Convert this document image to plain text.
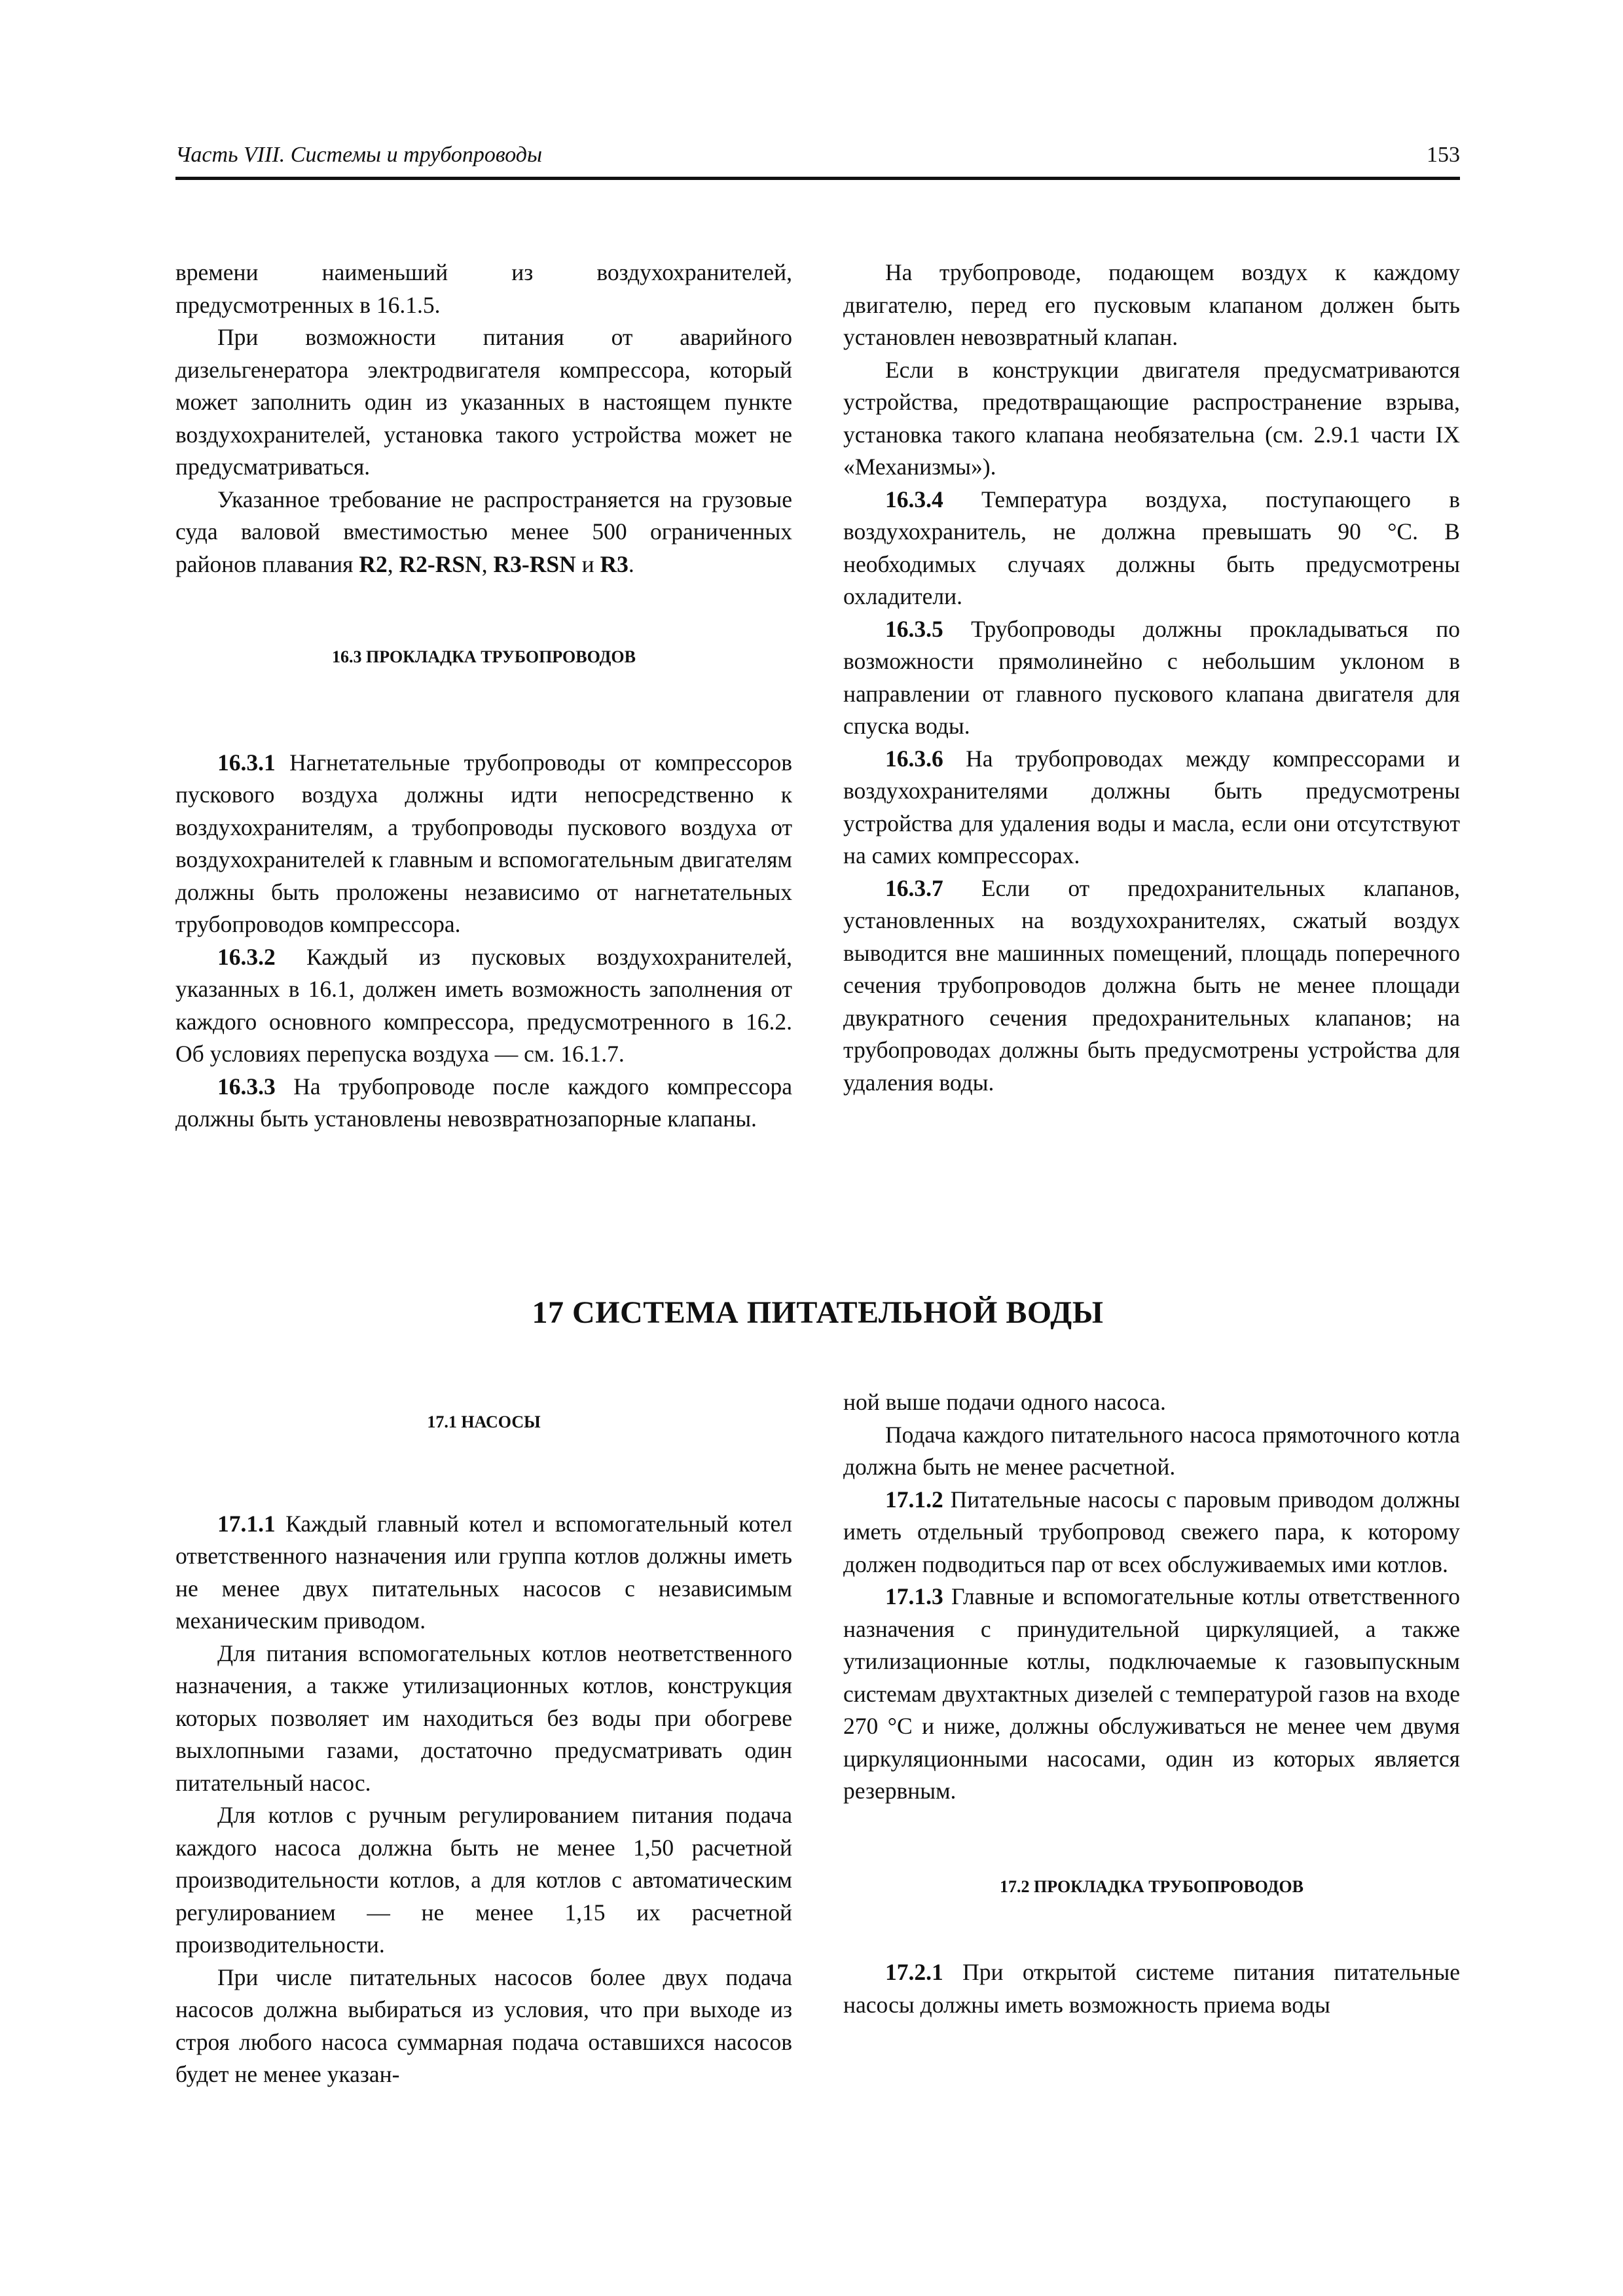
Часть VIII. Системы и трубопроводы	153

времени наименьший из воздухохранителей, предусмотренных в 16.1.5.

При возможности питания от аварийного дизельгенератора электродвигателя компрессора, который может заполнить один из указанных в настоящем пункте воздухохранителей, установка такого устройства может не предусматриваться.

Указанное требование не распространяется на грузовые суда валовой вместимостью менее 500 ограниченных районов плавания R2, R2-RSN, R3-RSN и R3.

16.3 ПРОКЛАДКА ТРУБОПРОВОДОВ

16.3.1 Нагнетательные трубопроводы от компрессоров пускового воздуха должны идти непосредственно к воздухохранителям, а трубопроводы пускового воздуха от воздухохранителей к главным и вспомогательным двигателям должны быть проложены независимо от нагнетательных трубопроводов компрессора.

16.3.2 Каждый из пусковых воздухохранителей, указанных в 16.1, должен иметь возможность заполнения от каждого основного компрессора, предусмотренного в 16.2. Об условиях перепуска воздуха — см. 16.1.7.

16.3.3 На трубопроводе после каждого компрессора должны быть установлены невозвратнозапорные клапаны.

На трубопроводе, подающем воздух к каждому двигателю, перед его пусковым клапаном должен быть установлен невозвратный клапан.

Если в конструкции двигателя предусматриваются устройства, предотвращающие распространение взрыва, установка такого клапана необязательна (см. 2.9.1 части IX «Механизмы»).

16.3.4 Температура воздуха, поступающего в воздухохранитель, не должна превышать 90 °С. В необходимых случаях должны быть предусмотрены охладители.

16.3.5 Трубопроводы должны прокладываться по возможности прямолинейно с небольшим уклоном в направлении от главного пускового клапана двигателя для спуска воды.

16.3.6 На трубопроводах между компрессорами и воздухохранителями должны быть предусмотрены устройства для удаления воды и масла, если они отсутствуют на самих компрессорах.

16.3.7 Если от предохранительных клапанов, установленных на воздухохранителях, сжатый воздух выводится вне машинных помещений, площадь поперечного сечения трубопроводов должна быть не менее площади двукратного сечения предохранительных клапанов; на трубопроводах должны быть предусмотрены устройства для удаления воды.

17 СИСТЕМА ПИТАТЕЛЬНОЙ ВОДЫ

17.1 НАСОСЫ

17.1.1 Каждый главный котел и вспомогательный котел ответственного назначения или группа котлов должны иметь не менее двух питательных насосов с независимым механическим приводом.

Для питания вспомогательных котлов неответственного назначения, а также утилизационных котлов, конструкция которых позволяет им находиться без воды при обогреве выхлопными газами, достаточно предусматривать один питательный насос.

Для котлов с ручным регулированием питания подача каждого насоса должна быть не менее 1,50 расчетной производительности котлов, а для котлов с автоматическим регулированием — не менее 1,15 их расчетной производительности.

При числе питательных насосов более двух подача насосов должна выбираться из условия, что при выходе из строя любого насоса суммарная подача оставшихся насосов будет не менее указан-

ной выше подачи одного насоса.

Подача каждого питательного насоса прямоточного котла должна быть не менее расчетной.

17.1.2 Питательные насосы с паровым приводом должны иметь отдельный трубопровод свежего пара, к которому должен подводиться пар от всех обслуживаемых ими котлов.

17.1.3 Главные и вспомогательные котлы ответственного назначения с принудительной циркуляцией, а также утилизационные котлы, подключаемые к газовыпускным системам двухтактных дизелей с температурой газов на входе 270 °С и ниже, должны обслуживаться не менее чем двумя циркуляционными насосами, один из которых является резервным.

17.2 ПРОКЛАДКА ТРУБОПРОВОДОВ

17.2.1 При открытой системе питания питательные насосы должны иметь возможность приема воды
